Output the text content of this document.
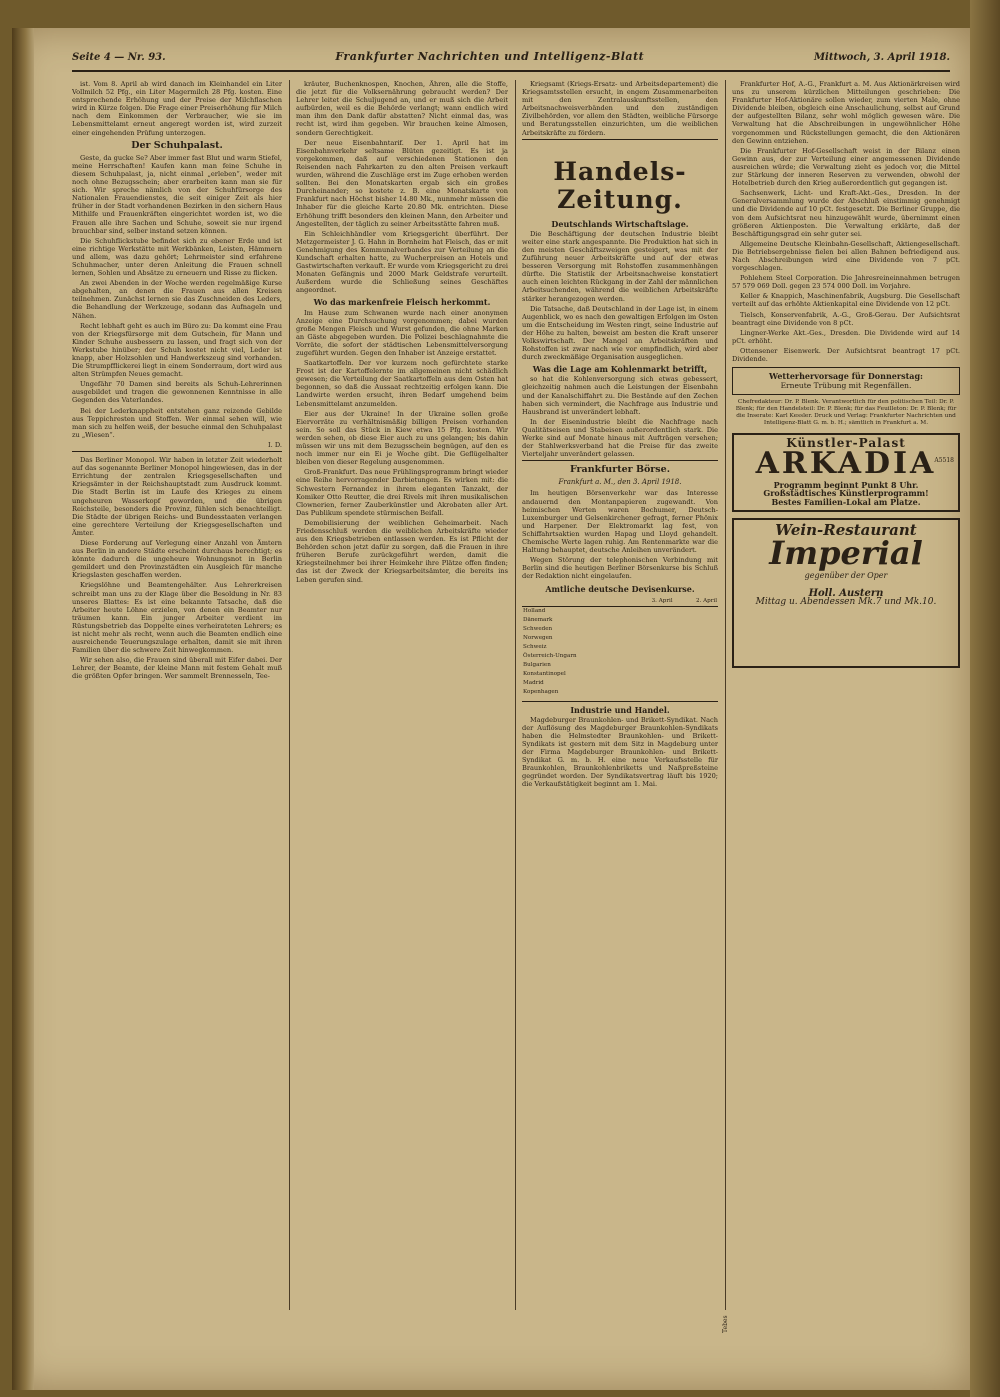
Seite 4 — Nr. 93.	Frankfurter Nachrichten und Intelligenz-Blatt	Mittwoch, 3. April 1918.

ist. Vom 8. April ab wird danach im Kleinhandel ein Liter Vollmilch 52 Pfg., ein Liter Magermilch 28 Pfg. kosten. Eine entsprechende Erhöhung und der Preise der Milchflaschen wird in Kürze folgen. Die Frage einer Preiserhöhung für Milch nach dem Einkommen der Verbraucher, wie sie im Lebensmittelamt erneut angeregt worden ist, wird zurzeit einer eingehenden Prüfung unterzogen.

Der Schuhpalast.

Geste, da gucke Se? Aber immer fast Blut und warm Stiefel, meine Herrschaften! Kaufen kann man feine Schuhe in diesem Schuhpalast, ja, nicht einmal „erleben“, weder mit noch ohne Bezugsschein; aber erarbeiten kann man sie für sich. Wir spreche nämlich von der Schuhfürsorge des Nationalen Frauendienstes, die seit einiger Zeit als hier früher in der Stadt vorhandenen Bezirken in den sichern Haus Mithilfe und Frauenkräften eingerichtet worden ist, wo die Frauen alle ihre Sachen und Schuhe, soweit sie nur irgend brauchbar sind, selber instand setzen können.

Die Schuhflickstube befindet sich zu ebener Erde und ist eine richtige Werkstätte mit Werkbänken, Leisten, Hämmern und allem, was dazu gehört; Lehrmeister sind erfahrene Schuhmacher, unter deren Anleitung die Frauen schnell lernen, Sohlen und Absätze zu erneuern und Risse zu flicken.

An zwei Abenden in der Woche werden regelmäßige Kurse abgehalten, an denen die Frauen aus allen Kreisen teilnehmen. Zunächst lernen sie das Zuschneiden des Leders, die Behandlung der Werkzeuge, sodann das Aufnageln und Nähen.

Recht lebhaft geht es auch im Büro zu: Da kommt eine Frau von der Kriegsfürsorge mit dem Gutschein, für Mann und Kinder Schuhe ausbessern zu lassen, und fragt sich von der Werkstube hinüber; der Schuh kostet nicht viel, Leder ist knapp, aber Holzsohlen und Handwerkszeug sind vorhanden. Die Strumpfflickerei liegt in einem Sonderraum, dort wird aus alten Strümpfen Neues gemacht.

Ungefähr 70 Damen sind bereits als Schuh-Lehrerinnen ausgebildet und tragen die gewonnenen Kenntnisse in alle Gegenden des Vaterlandes.

Bei der Lederknappheit entstehen ganz reizende Gebilde aus Teppichresten und Stoffen. Wer einmal sehen will, wie man sich zu helfen weiß, der besuche einmal den Schuhpalast zu „Wiesen“.

I. D.

Das Berliner Monopol. Wir haben in letzter Zeit wiederholt auf das sogenannte Berliner Monopol hingewiesen, das in der Errichtung der zentralen Kriegsgesellschaften und Kriegsämter in der Reichshauptstadt zum Ausdruck kommt. Die Stadt Berlin ist im Laufe des Krieges zu einem ungeheuren Wasserkopf geworden, und die übrigen Reichsteile, besonders die Provinz, fühlen sich benachteiligt. Die Städte der übrigen Reichs- und Bundesstaaten verlangen eine gerechtere Verteilung der Kriegsgesellschaften und Ämter.

Diese Forderung auf Verlegung einer Anzahl von Ämtern aus Berlin in andere Städte erscheint durchaus berechtigt; es könnte dadurch die ungeheure Wohnungsnot in Berlin gemildert und den Provinzstädten ein Ausgleich für manche Kriegslasten geschaffen werden.

Kriegslöhne und Beamtengehälter. Aus Lehrerkreisen schreibt man uns zu der Klage über die Besoldung in Nr. 83 unseres Blattes: Es ist eine bekannte Tatsache, daß die Arbeiter heute Löhne erzielen, von denen ein Beamter nur träumen kann. Ein junger Arbeiter verdient im Rüstungsbetrieb das Doppelte eines verheirateten Lehrers; es ist nicht mehr als recht, wenn auch die Beamten endlich eine ausreichende Teuerungszulage erhalten, damit sie mit ihren Familien über die schwere Zeit hinwegkommen.

Wir sehen also, die Frauen sind überall mit Eifer dabei. Der Lehrer, der Beamte, der kleine Mann mit festem Gehalt muß die größten Opfer bringen. Wer sammelt Brennesseln, Tee-

kräuter, Buchenknospen, Knochen, Ähren, alle die Stoffe, die jetzt für die Volksernährung gebraucht werden? Der Lehrer leitet die Schuljugend an, und er muß sich die Arbeit aufbürden, weil es die Behörde verlangt; wann endlich wird man ihm den Dank dafür abstatten? Nicht einmal das, was recht ist, wird ihm gegeben. Wir brauchen keine Almosen, sondern Gerechtigkeit.

Der neue Eisenbahntarif. Der 1. April hat im Eisenbahnverkehr seltsame Blüten gezeitigt. Es ist ja vorgekommen, daß auf verschiedenen Stationen den Reisenden nach Fahrkarten zu den alten Preisen verkauft wurden, während die Zuschläge erst im Zuge erhoben werden sollten. Bei den Monatskarten ergab sich ein großes Durcheinander; so kostete z. B. eine Monatskarte von Frankfurt nach Höchst bisher 14.80 Mk., nunmehr müssen die Inhaber für die gleiche Karte 20.80 Mk. entrichten. Diese Erhöhung trifft besonders den kleinen Mann, den Arbeiter und Angestellten, der täglich zu seiner Arbeitsstätte fahren muß.

Ein Schleichhändler vom Kriegsgericht überführt. Der Metzgermeister J. G. Hahn in Bornheim hat Fleisch, das er mit Genehmigung des Kommunalverbandes zur Verteilung an die Kundschaft erhalten hatte, zu Wucherpreisen an Hotels und Gastwirtschaften verkauft. Er wurde vom Kriegsgericht zu drei Monaten Gefängnis und 2000 Mark Geldstrafe verurteilt. Außerdem wurde die Schließung seines Geschäftes angeordnet.

Wo das markenfreie Fleisch herkommt.

Im Hause zum Schwanen wurde nach einer anonymen Anzeige eine Durchsuchung vorgenommen; dabei wurden große Mengen Fleisch und Wurst gefunden, die ohne Marken an Gäste abgegeben wurden. Die Polizei beschlagnahmte die Vorräte, die sofort der städtischen Lebensmittelversorgung zugeführt wurden. Gegen den Inhaber ist Anzeige erstattet.

Saatkartoffeln. Der vor kurzem noch gefürchtete starke Frost ist der Kartoffelernte im allgemeinen nicht schädlich gewesen; die Verteilung der Saatkartoffeln aus dem Osten hat begonnen, so daß die Aussaat rechtzeitig erfolgen kann. Die Landwirte werden ersucht, ihren Bedarf umgehend beim Lebensmittelamt anzumelden.

Eier aus der Ukraine! In der Ukraine sollen große Eiervorräte zu verhältnismäßig billigen Preisen vorhanden sein. So soll das Stück in Kiew etwa 15 Pfg. kosten. Wir werden sehen, ob diese Eier auch zu uns gelangen; bis dahin müssen wir uns mit dem Bezugsschein begnügen, auf den es noch immer nur ein Ei je Woche gibt. Die Geflügelhalter bleiben von dieser Regelung ausgenommen.

Groß-Frankfurt. Das neue Frühlingsprogramm bringt wieder eine Reihe hervorragender Darbietungen. Es wirken mit: die Schwestern Fernandez in ihrem eleganten Tanzakt, der Komiker Otto Reutter, die drei Rivels mit ihren musikalischen Clownerien, ferner Zauberkünstler und Akrobaten aller Art. Das Publikum spendete stürmischen Beifall.

Demobilisierung der weiblichen Geheimarbeit. Nach Friedensschluß werden die weiblichen Arbeitskräfte wieder aus den Kriegsbetrieben entlassen werden. Es ist Pflicht der Behörden schon jetzt dafür zu sorgen, daß die Frauen in ihre früheren Berufe zurückgeführt werden, damit die Kriegsteilnehmer bei ihrer Heimkehr ihre Plätze offen finden; das ist der Zweck der Kriegsarbeitsämter, die bereits ins Leben gerufen sind.

Kriegsamt (Kriegs-Ersatz- und Arbeitsdepartement) die Kriegsamtsstellen ersucht, in engem Zusammenarbeiten mit den Zentralauskunftsstellen, den Arbeitsnachweisverbänden und den zuständigen Zivilbehörden, vor allem den Städten, weibliche Fürsorge und Beratungsstellen einzurichten, um die weiblichen Arbeitskräfte zu fördern.

Handels-Zeitung.
Deutschlands Wirtschaftslage.

Die Beschäftigung der deutschen Industrie bleibt weiter eine stark angespannte. Die Produktion hat sich in den meisten Geschäftszweigen gesteigert, was mit der Zuführung neuer Arbeitskräfte und auf der etwas besseren Versorgung mit Rohstoffen zusammenhängen dürfte. Die Statistik der Arbeitsnachweise konstatiert auch einen leichten Rückgang in der Zahl der männlichen Arbeitsuchenden, während die weiblichen Arbeitskräfte stärker herangezogen werden.

Die Tatsache, daß Deutschland in der Lage ist, in einem Augenblick, wo es nach den gewaltigen Erfolgen im Osten um die Entscheidung im Westen ringt, seine Industrie auf der Höhe zu halten, beweist am besten die Kraft unserer Volkswirtschaft. Der Mangel an Arbeitskräften und Rohstoffen ist zwar nach wie vor empfindlich, wird aber durch zweckmäßige Organisation ausgeglichen.

Was die Lage am Kohlenmarkt betrifft,

so hat die Kohlenversorgung sich etwas gebessert, gleichzeitig nahmen auch die Leistungen der Eisenbahn und der Kanalschiffahrt zu. Die Bestände auf den Zechen haben sich vermindert, die Nachfrage aus Industrie und Hausbrand ist unverändert lebhaft.

In der Eisenindustrie bleibt die Nachfrage nach Qualitätseisen und Stabeisen außerordentlich stark. Die Werke sind auf Monate hinaus mit Aufträgen versehen; der Stahlwerksverband hat die Preise für das zweite Vierteljahr unverändert gelassen.

Frankfurter Börse.
Frankfurt a. M., den 3. April 1918.

Im heutigen Börsenverkehr war das Interesse andauernd den Montanpapieren zugewandt. Von heimischen Werten waren Bochumer, Deutsch-Luxemburger und Gelsenkirchener gefragt, ferner Phönix und Harpener. Der Elektromarkt lag fest, von Schiffahrtsaktien wurden Hapag und Lloyd gehandelt. Chemische Werte lagen ruhig. Am Rentenmarkte war die Haltung behauptet, deutsche Anleihen unverändert.

Wegen Störung der telephonischen Verbindung mit Berlin sind die heutigen Berliner Börsenkurse bis Schluß der Redaktion nicht eingelaufen.

Amtliche deutsche Devisenkurse.
	3. April	2. April
Holland		
Dänemark		
Schweden		
Norwegen		
Schweiz		
Österreich-Ungarn		
Bulgarien		
Konstantinopel		
Madrid		
Kopenhagen		
Industrie und Handel.

Magdeburger Braunkohlen- und Brikett-Syndikat. Nach der Auflösung des Magdeburger Braunkohlen-Syndikats haben die Helmstedter Braunkohlen- und Brikett-Syndikats ist gestern mit dem Sitz in Magdeburg unter der Firma Magdeburger Braunkohlen- und Brikett-Syndikat G. m. b. H. eine neue Verkaufsstelle für Braunkohlen, Braunkohlenbriketts und Naßpreßsteine gegründet worden. Der Syndikatsvertrag läuft bis 1920; die Verkaufstätigkeit beginnt am 1. Mai.

Frankfurter Hof, A.-G., Frankfurt a. M. Aus Aktionärkreisen wird uns zu unserem kürzlichen Mitteilungen geschrieben: Die Frankfurter Hof-Aktionäre sollen wieder, zum vierten Male, ohne Dividende bleiben, obgleich eine Anschaulichung, selbst auf Grund der aufgestellten Bilanz, sehr wohl möglich gewesen wäre. Die Verwaltung hat die Abschreibungen in ungewöhnlicher Höhe vorgenommen und Rückstellungen gemacht, die den Aktionären den Gewinn entziehen.

Die Frankfurter Hof-Gesellschaft weist in der Bilanz einen Gewinn aus, der zur Verteilung einer angemessenen Dividende ausreichen würde; die Verwaltung zieht es jedoch vor, die Mittel zur Stärkung der inneren Reserven zu verwenden, obwohl der Hotelbetrieb durch den Krieg außerordentlich gut gegangen ist.

Sachsenwerk, Licht- und Kraft-Akt.-Ges., Dresden. In der Generalversammlung wurde der Abschluß einstimmig genehmigt und die Dividende auf 10 pCt. festgesetzt. Die Berliner Gruppe, die von dem Aufsichtsrat neu hinzugewählt wurde, übernimmt einen größeren Aktienposten. Die Verwaltung erklärte, daß der Beschäftigungsgrad ein sehr guter sei.

Allgemeine Deutsche Kleinbahn-Gesellschaft, Aktiengesellschaft. Die Betriebsergebnisse fielen bei allen Bahnen befriedigend aus. Nach Abschreibungen wird eine Dividende von 7 pCt. vorgeschlagen.

Pohlehem Steel Corporation. Die Jahresreineinnahmen betrugen 57 579 069 Doll. gegen 23 574 000 Doll. im Vorjahre.

Keller & Knappich, Maschinenfabrik, Augsburg. Die Gesellschaft verteilt auf das erhöhte Aktienkapital eine Dividende von 12 pCt.

Tielsch, Konservenfabrik, A.-G., Groß-Gerau. Der Aufsichtsrat beantragt eine Dividende von 8 pCt.

Lingner-Werke Akt.-Ges., Dresden. Die Dividende wird auf 14 pCt. erhöht.

Ottensener Eisenwerk. Der Aufsichtsrat beantragt 17 pCt. Dividende.

Wetterhervorsage für Donnerstag:
Erneute Trübung mit Regenfällen.
Chefredakteur: Dr. P. Blenk. Verantwortlich für den politischen Teil: Dr. P. Blenk; für den Handelsteil: Dr. P. Blenk; für das Feuilleton: Dr. P. Blenk; für die Inserate: Karl Kessler. Druck und Verlag: Frankfurter Nachrichten und Intelligenz-Blatt G. m. b. H.; sämtlich in Frankfurt a. M.
Künstler-Palast
A5518
ARKADIA
Programm beginnt Punkt 8 Uhr.
Großstädtisches Künstlerprogramm!
Bestes Familien-Lokal am Platze.
Wein-Restaurant
Imperial
gegenüber der Oper
Holl. Austern
Mittag u. Abendessen Mk.7 und Mk.10.
Tebes
